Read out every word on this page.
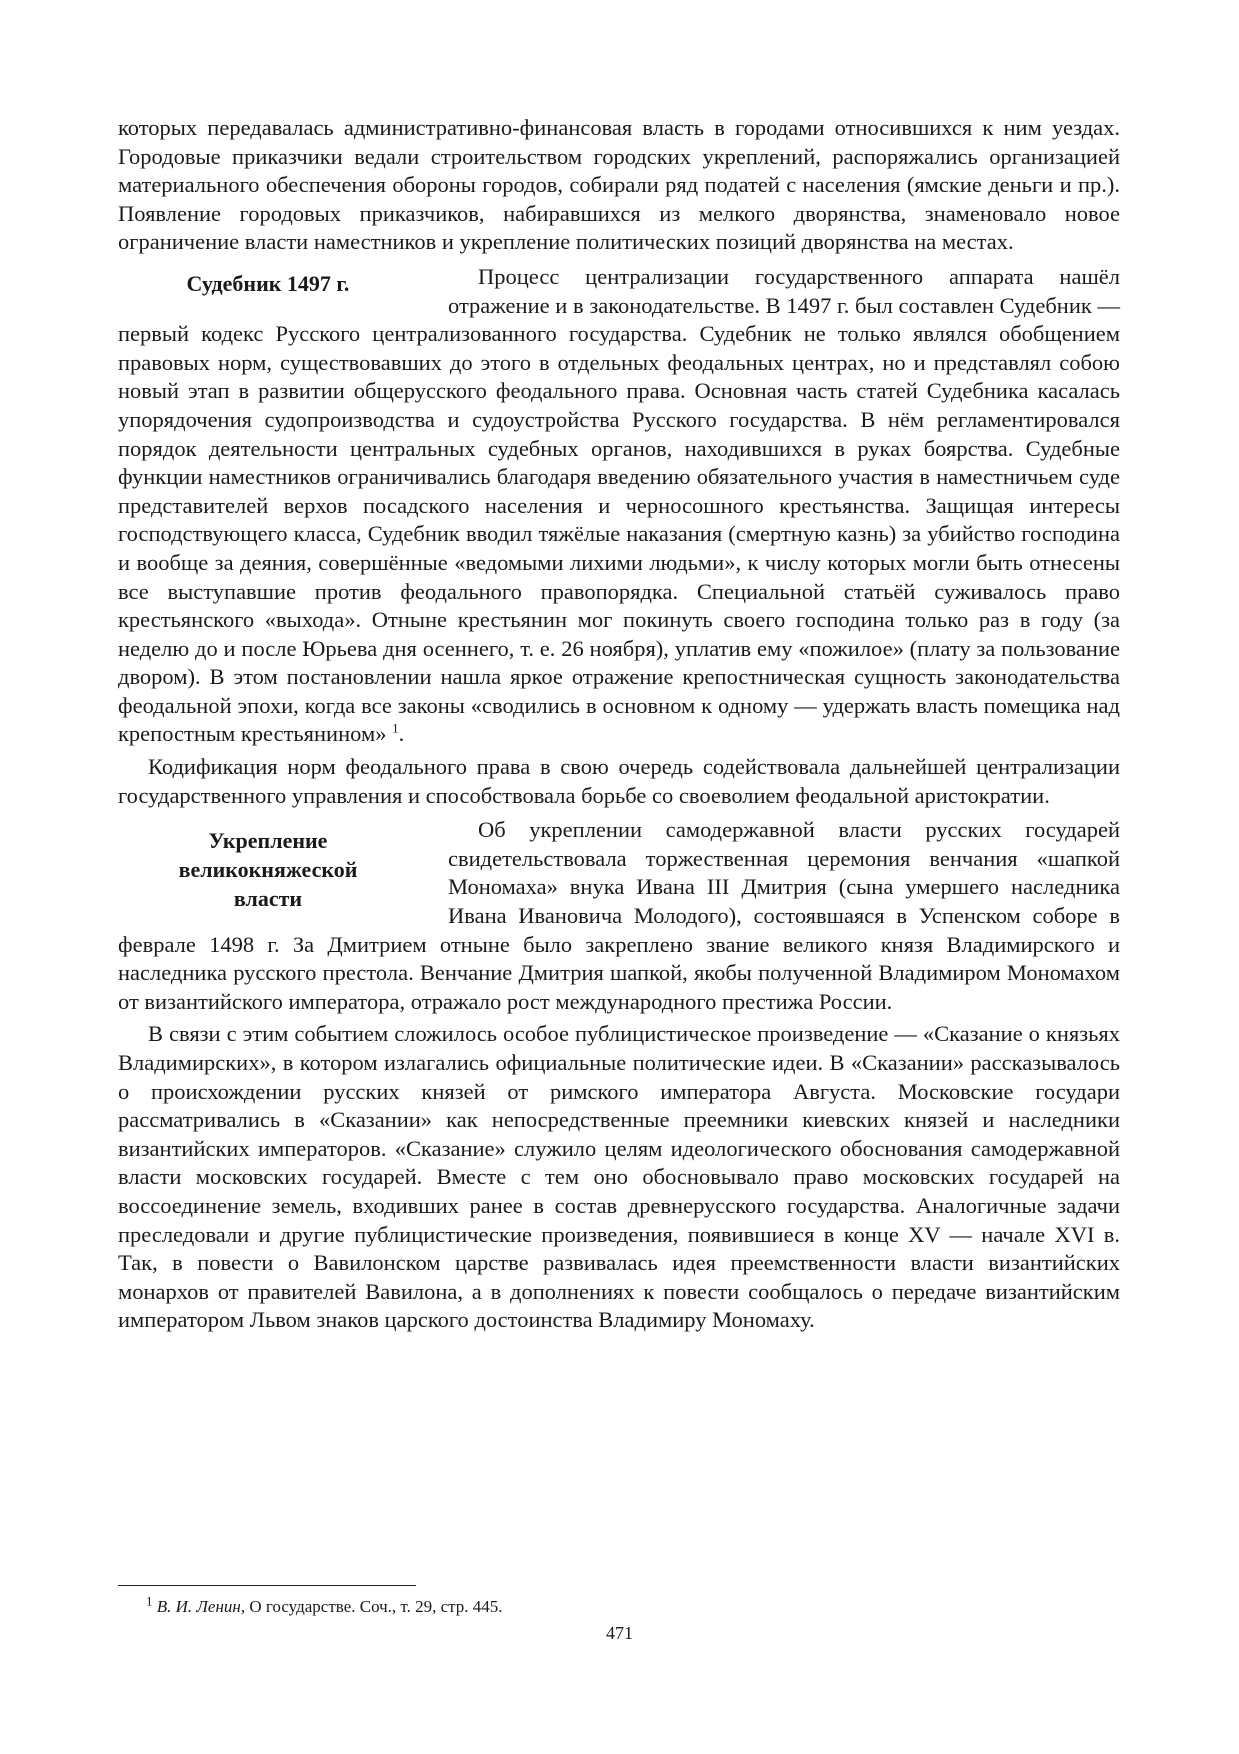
которых передавалась административно-финансовая власть в городами относившихся к ним уездах. Городовые приказчики ведали строительством городских укреплений, распоряжались организацией материального обеспечения обороны городов, собирали ряд податей с населения (ямские деньги и пр.). Появление городовых приказчиков, набиравшихся из мелкого дворянства, знаменовало новое ограничение власти наместников и укрепление политических позиций дворянства на местах.

Судебник 1497 г.	Процесс централизации государственного аппарата нашёл отражение и в законодательстве. В 1497 г. был составлен Судебник — первый кодекс Русского централизованного государства. Судебник не только являлся обобщением правовых норм, существовавших до этого в отдельных феодальных центрах, но и представлял собою новый этап в развитии общерусского феодального права. Основная часть статей Судебника касалась упорядочения судопроизводства и судоустройства Русского государства. В нём регламентировался порядок деятельности центральных судебных органов, находившихся в руках боярства. Судебные функции наместников ограничивались благодаря введению обязательного участия в наместничьем суде представителей верхов посадского населения и черносошного крестьянства. Защищая интересы господствующего класса, Судебник вводил тяжёлые наказания (смертную казнь) за убийство господина и вообще за деяния, совершённые «ведомыми лихими людьми», к числу которых могли быть отнесены все выступавшие против феодального правопорядка. Специальной статьёй суживалось право крестьянского «выхода». Отныне крестьянин мог покинуть своего господина только раз в году (за неделю до и после Юрьева дня осеннего, т. е. 26 ноября), уплатив ему «пожилое» (плату за пользование двором). В этом постановлении нашла яркое отражение крепостническая сущность законодательства феодальной эпохи, когда все законы «сводились в основном к одному — удержать власть помещика над крепостным крестьянином» $^1$.

Кодификация норм феодального права в свою очередь содействовала дальнейшей централизации государственного управления и способствовала борьбе со своеволием феодальной аристократии.

Укрепление
великокняжеской
власти

Об укреплении самодержавной власти русских государей свидетельствовала торжественная церемония венчания «шапкой Мономаха» внука Ивана III Дмитрия (сына умершего наследника Ивана Ивановича Молодого), состоявшаяся в Успенском соборе в феврале 1498 г. За Дмитрием отныне было закреплено звание великого князя Владимирского и наследника русского престола. Венчание Дмитрия шапкой, якобы полученной Владимиром Мономахом от византийского императора, отражало рост международного престижа России.

В связи с этим событием сложилось особое публицистическое произведение — «Сказание о князьях Владимирских», в котором излагались официальные политические идеи. В «Сказании» рассказывалось о происхождении русских князей от римского императора Августа. Московские государи рассматривались в «Сказании» как непосредственные преемники киевских князей и наследники византийских императоров. «Сказание» служило целям идеологического обоснования самодержавной власти московских государей. Вместе с тем оно обосновывало право московских государей на воссоединение земель, входивших ранее в состав древнерусского государства. Аналогичные задачи преследовали и другие публицистические произведения, появившиеся в конце XV — начале XVI в. Так, в повести о Вавилонском царстве развивалась идея преемственности власти византийских монархов от правителей Вавилона, а в дополнениях к повести сообщалось о передаче византийским императором Львом знаков царского достоинства Владимиру Мономаху.

$^1$ В. И. Ленин, О государстве. Соч., т. 29, стр. 445.
471
